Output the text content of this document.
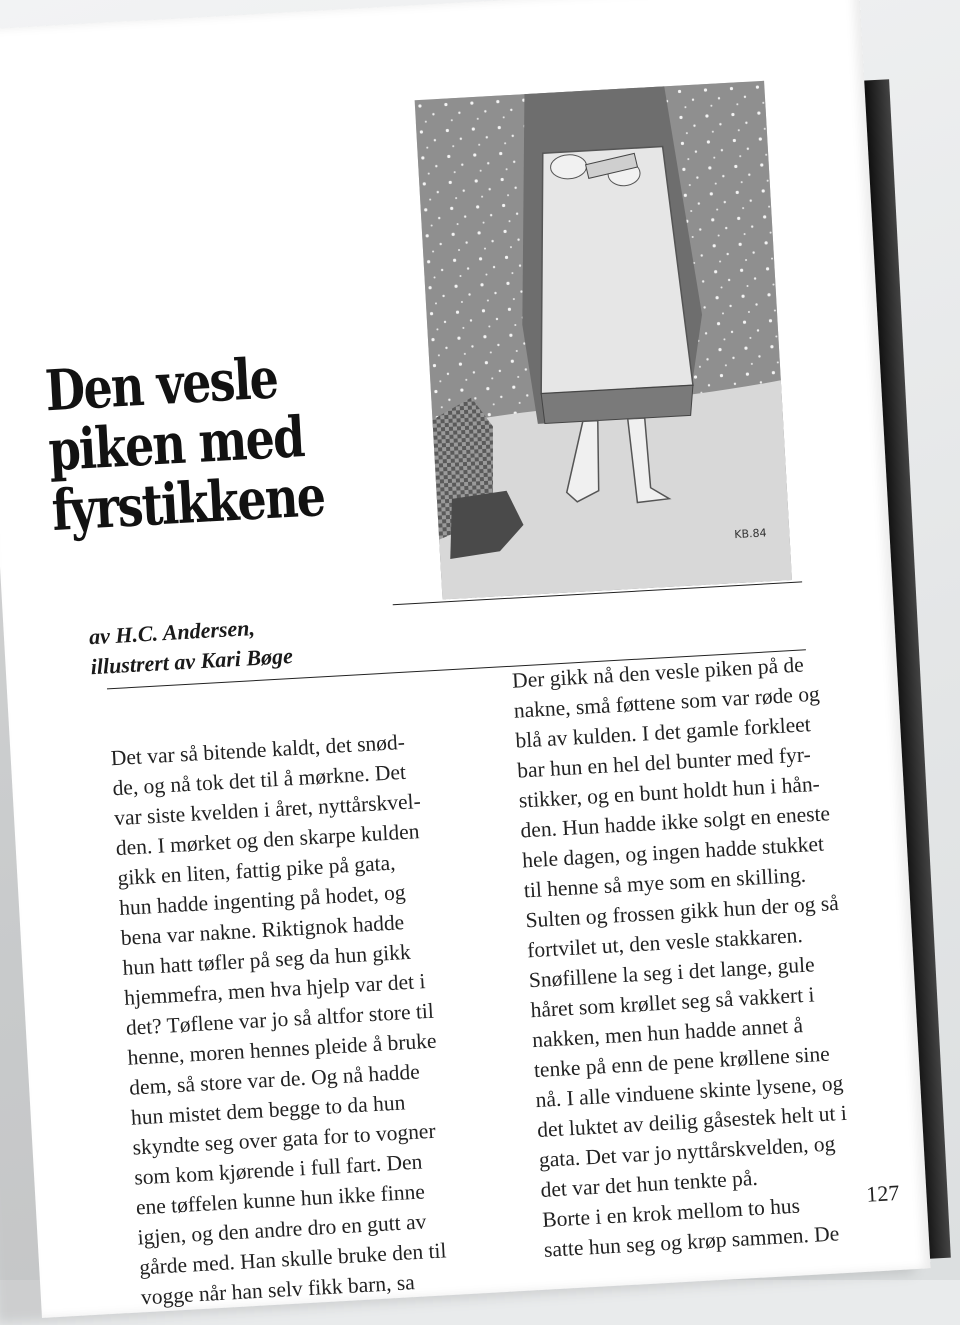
KB.84
Den vesle
piken med
fyrstikkene
av H.C. Andersen,
illustrert av Kari Bøge
Det var så bitende kaldt, det snød-
de, og nå tok det til å mørkne. Det
var siste kvelden i året, nyttårskvel-
den. I mørket og den skarpe kulden
gikk en liten, fattig pike på gata,
hun hadde ingenting på hodet, og
bena var nakne. Riktignok hadde
hun hatt tøfler på seg da hun gikk
hjemmefra, men hva hjelp var det i
det? Tøflene var jo så altfor store til
henne, moren hennes pleide å bruke
dem, så store var de. Og nå hadde
hun mistet dem begge to da hun
skyndte seg over gata for to vogner
som kom kjørende i full fart. Den
ene tøffelen kunne hun ikke finne
igjen, og den andre dro en gutt av
gårde med. Han skulle bruke den til
vogge når han selv fikk barn, sa
Der gikk nå den vesle piken på de
nakne, små føttene som var røde og
blå av kulden. I det gamle forkleet
bar hun en hel del bunter med fyr-
stikker, og en bunt holdt hun i hån-
den. Hun hadde ikke solgt en eneste
hele dagen, og ingen hadde stukket
til henne så mye som en skilling.
Sulten og frossen gikk hun der og så
fortvilet ut, den vesle stakkaren.
Snøfillene la seg i det lange, gule
håret som krøllet seg så vakkert i
nakken, men hun hadde annet å
tenke på enn de pene krøllene sine
nå. I alle vinduene skinte lysene, og
det luktet av deilig gåsestek helt ut i
gata. Det var jo nyttårskvelden, og
det var det hun tenkte på.
Borte i en krok mellom to hus
satte hun seg og krøp sammen. De
127
